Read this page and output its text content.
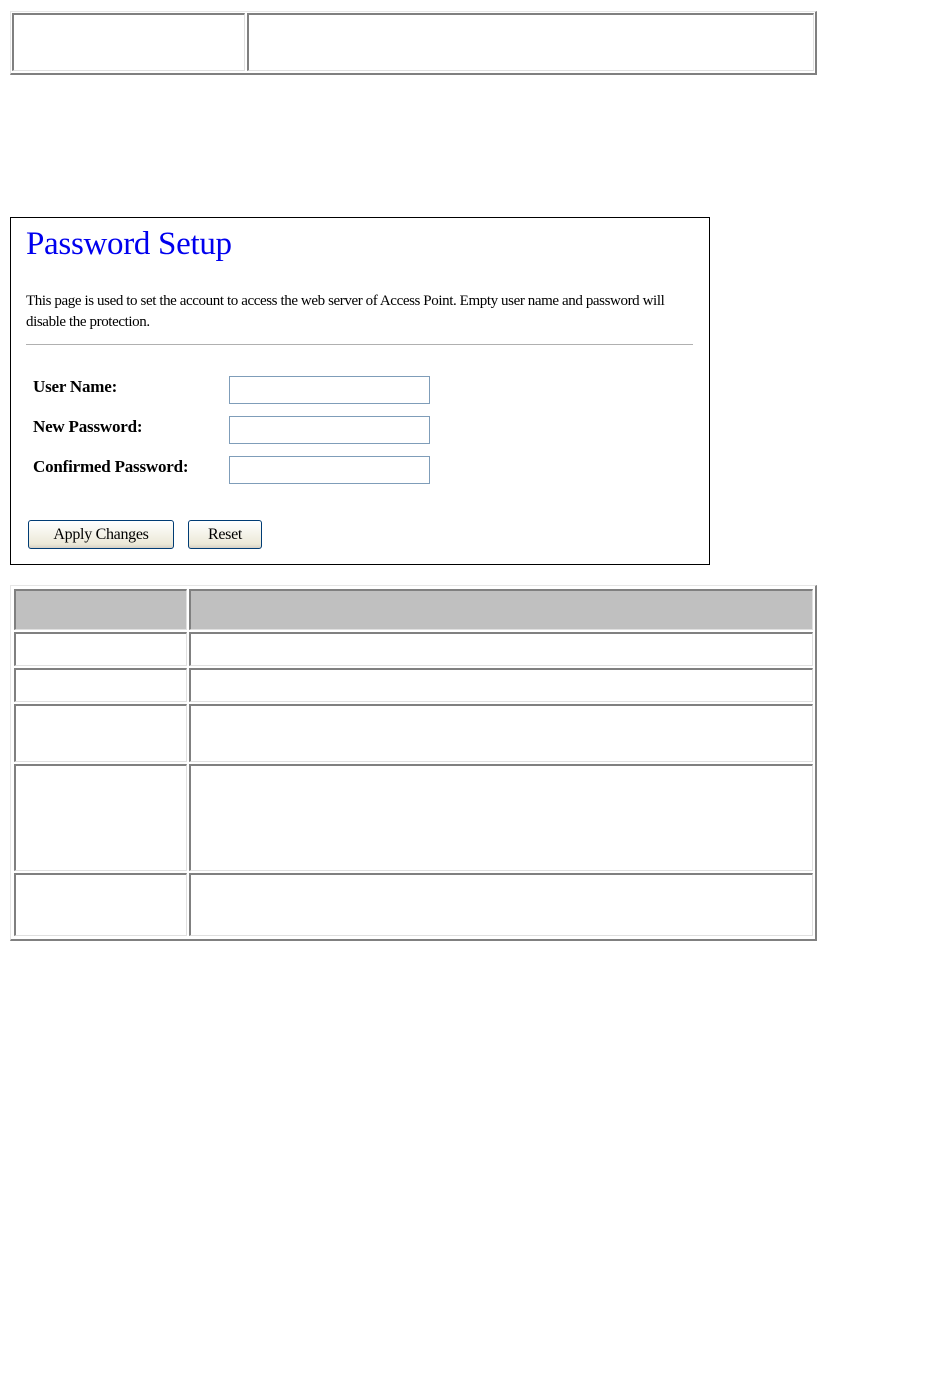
Password Setup
This page is used to set the account to access the web server of Access Point. Empty user name and password will disable the protection.
User Name:
New Password:
Confirmed Password:
Apply Changes	Reset
